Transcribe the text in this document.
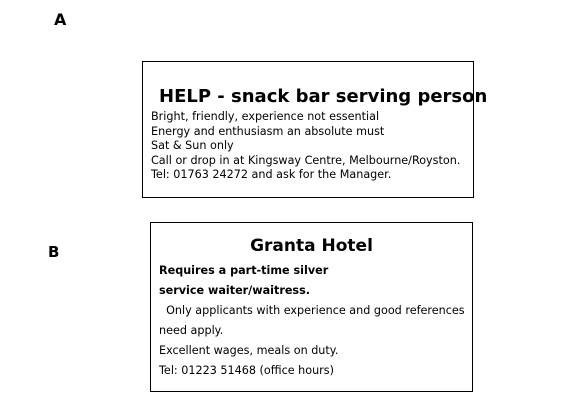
A
HELP - snack bar serving person
Bright, friendly, experience not essential
Energy and enthusiasm an absolute must
Sat & Sun only
Call or drop in at Kingsway Centre, Melbourne/Royston.
Tel: 01763 24272 and ask for the Manager.
B	Granta Hotel
Requires a part-time silver
service waiter/waitress.
Only applicants with experience and good references
need apply.
Excellent wages, meals on duty.
Tel: 01223 51468 (office hours)
